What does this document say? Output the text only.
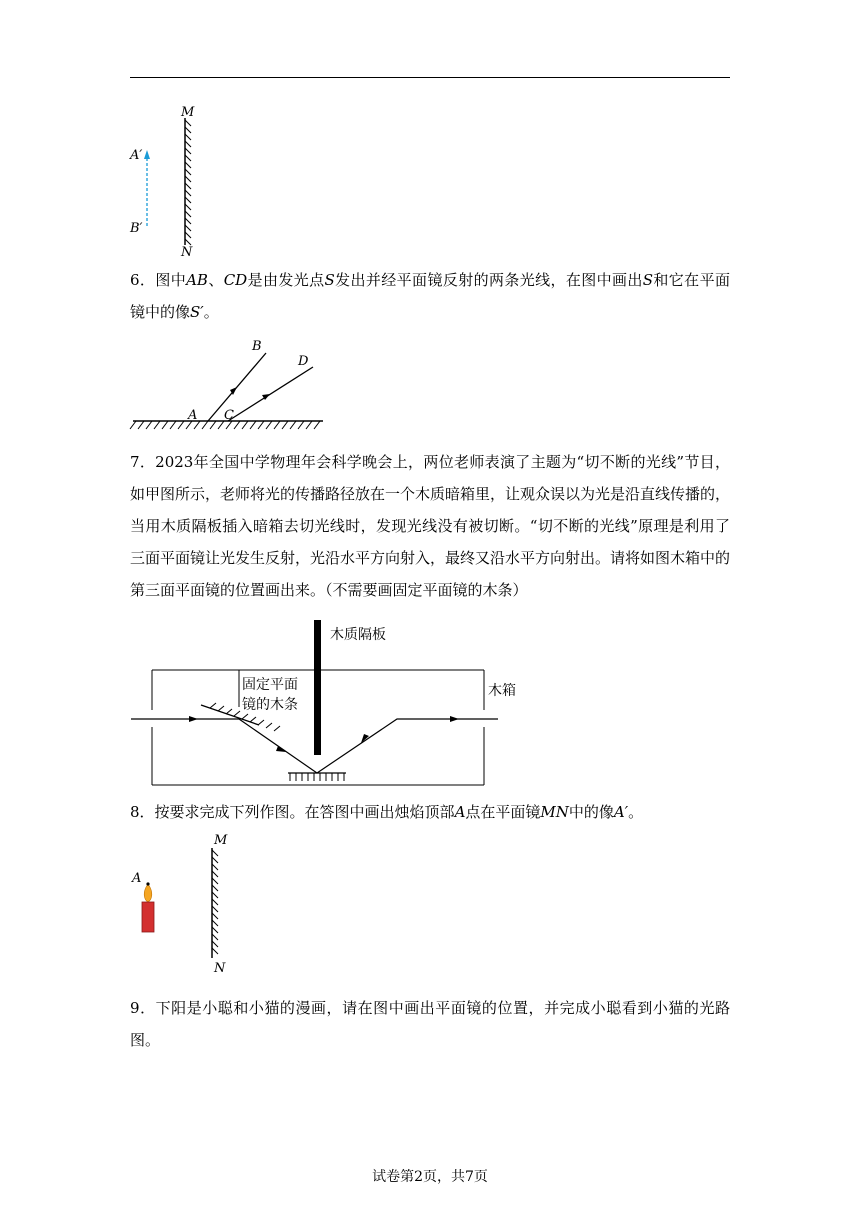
M
N
A′
B′
6．图中AB、CD是由发光点S发出并经平面镜反射的两条光线，在图中画出S和它在平面镜中的像S′。
A
B
C
D
7．2023年全国中学物理年会科学晚会上，两位老师表演了主题为“切不断的光线”节目，如甲图所示，老师将光的传播路径放在一个木质暗箱里，让观众误以为光是沿直线传播的，当用木质隔板插入暗箱去切光线时，发现光线没有被切断。“切不断的光线”原理是利用了三面平面镜让光发生反射，光沿水平方向射入，最终又沿水平方向射出。请将如图木箱中的第三面平面镜的位置画出来。（不需要画固定平面镜的木条）
木质隔板
固定平面
镜的木条
木箱
8．按要求完成下列作图。在答图中画出烛焰顶部A点在平面镜MN中的像A′。
A
M
N
9．下阳是小聪和小猫的漫画，请在图中画出平面镜的位置，并完成小聪看到小猫的光路图。
试卷第2页，共7页
